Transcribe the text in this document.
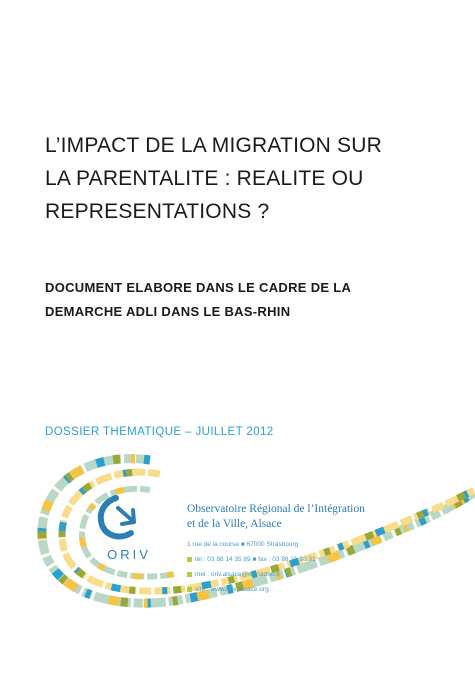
L’IMPACT DE LA MIGRATION SUR
LA PARENTALITE : REALITE OU
REPRESENTATIONS ?
DOCUMENT ELABORE DANS LE CADRE DE LA
DEMARCHE ADLI DANS LE BAS-RHIN
DOSSIER THEMATIQUE – JUILLET 2012
ORIV
Observatoire Régional de l’Intégration
et de la Ville, Alsace
1 rue de la course ■ 67000 Strasbourg
tél : 03 88 14 35 89 ■ fax : 03 88 21 98 31
mel : oriv.alsace@wanadoo.fr
site : www.oriv-alsace.org
